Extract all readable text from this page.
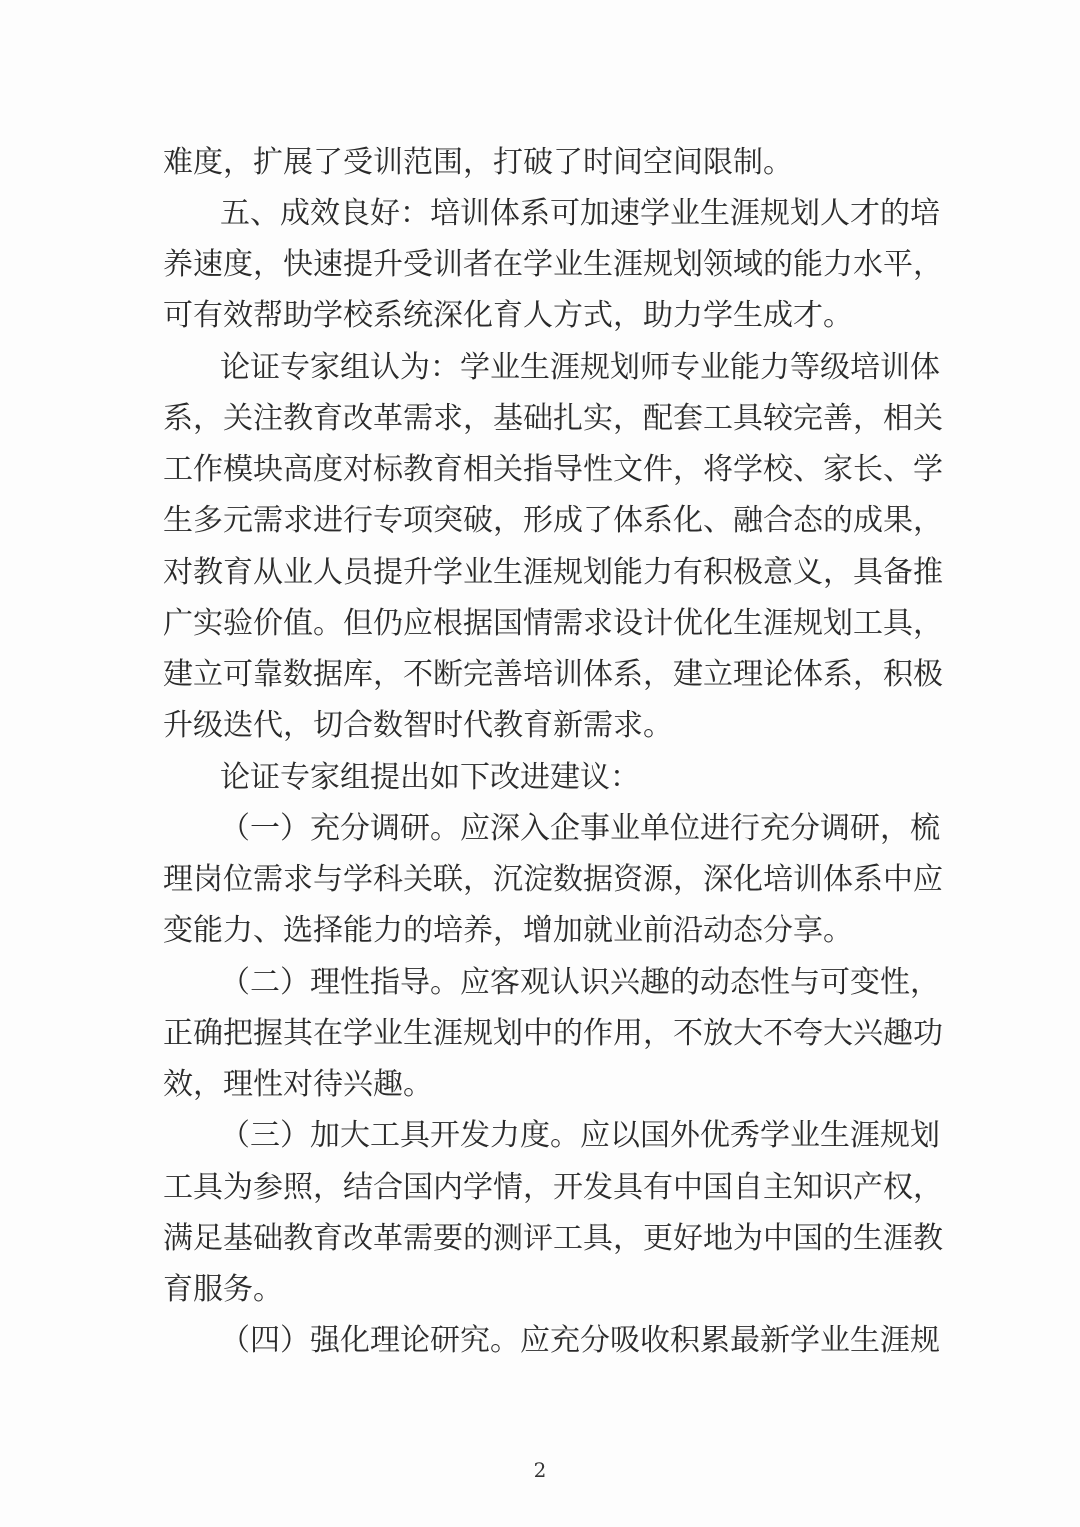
难度，扩展了受训范围，打破了时间空间限制。
五、成效良好：培训体系可加速学业生涯规划人才的培
养速度，快速提升受训者在学业生涯规划领域的能力水平，
可有效帮助学校系统深化育人方式，助力学生成才。
论证专家组认为：学业生涯规划师专业能力等级培训体
系，关注教育改革需求，基础扎实，配套工具较完善，相关
工作模块高度对标教育相关指导性文件，将学校、家长、学
生多元需求进行专项突破，形成了体系化、融合态的成果，
对教育从业人员提升学业生涯规划能力有积极意义，具备推
广实验价值。但仍应根据国情需求设计优化生涯规划工具，
建立可靠数据库，不断完善培训体系，建立理论体系，积极
升级迭代，切合数智时代教育新需求。
论证专家组提出如下改进建议：
（一）充分调研。应深入企事业单位进行充分调研，梳
理岗位需求与学科关联，沉淀数据资源，深化培训体系中应
变能力、选择能力的培养，增加就业前沿动态分享。
（二）理性指导。应客观认识兴趣的动态性与可变性，
正确把握其在学业生涯规划中的作用，不放大不夸大兴趣功
效，理性对待兴趣。
（三）加大工具开发力度。应以国外优秀学业生涯规划
工具为参照，结合国内学情，开发具有中国自主知识产权，
满足基础教育改革需要的测评工具，更好地为中国的生涯教
育服务。
（四）强化理论研究。应充分吸收积累最新学业生涯规
2
